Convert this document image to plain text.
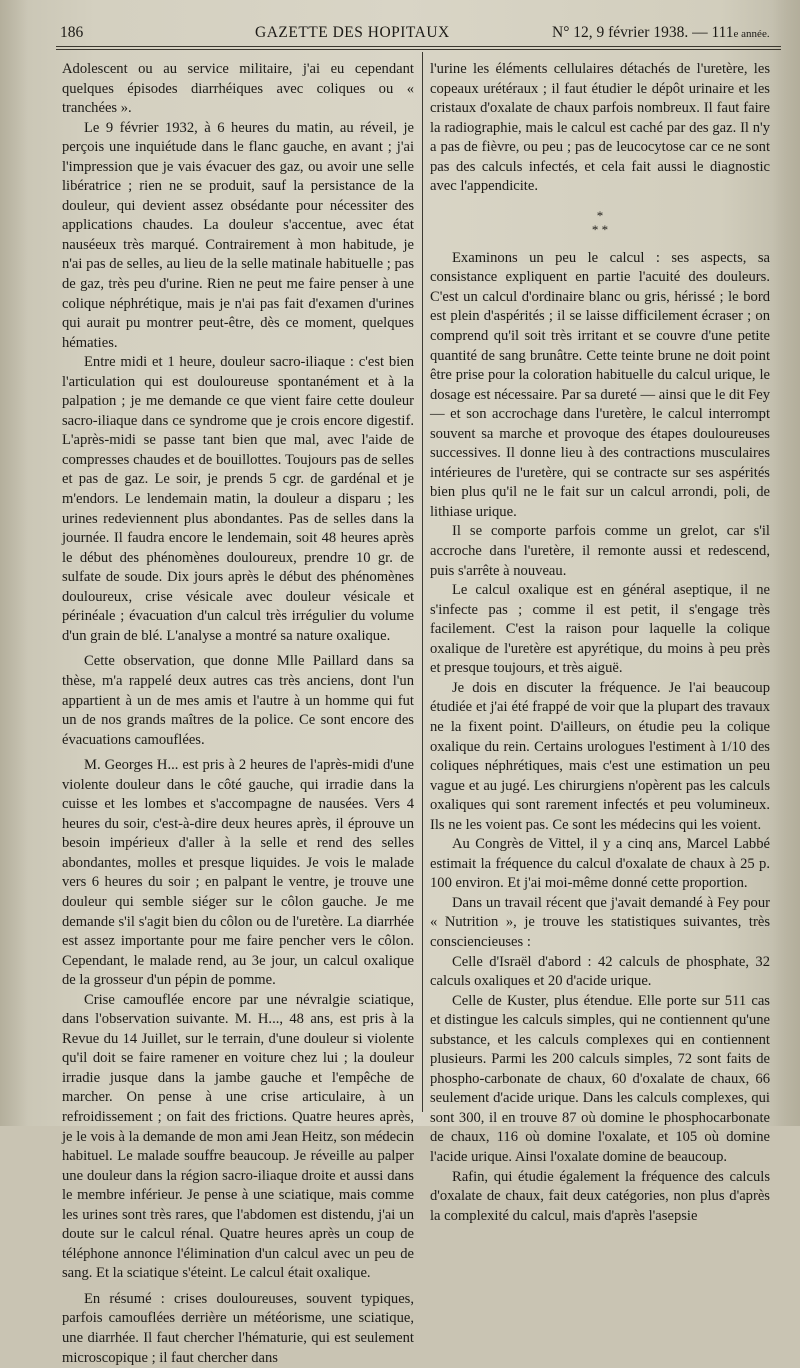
186	GAZETTE DES HOPITAUX	N° 12, 9 février 1938. — 111e année.

Adolescent ou au service militaire, j'ai eu cependant quelques épisodes diarrhéiques avec coliques ou « tranchées ».

Le 9 février 1932, à 6 heures du matin, au réveil, je perçois une inquiétude dans le flanc gauche, en avant ; j'ai l'impression que je vais évacuer des gaz, ou avoir une selle libératrice ; rien ne se produit, sauf la persistance de la douleur, qui devient assez obsédante pour nécessiter des applications chaudes. La douleur s'accentue, avec état nauséeux très marqué. Contrairement à mon habitude, je n'ai pas de selles, au lieu de la selle matinale habituelle ; pas de gaz, très peu d'urine. Rien ne peut me faire penser à une colique néphrétique, mais je n'ai pas fait d'examen d'urines qui aurait pu montrer peut-être, dès ce moment, quelques hématies.

Entre midi et 1 heure, douleur sacro-iliaque : c'est bien l'articulation qui est douloureuse spontanément et à la palpation ; je me demande ce que vient faire cette douleur sacro-iliaque dans ce syndrome que je crois encore digestif. L'après-midi se passe tant bien que mal, avec l'aide de compresses chaudes et de bouillottes. Toujours pas de selles et pas de gaz. Le soir, je prends 5 cgr. de gardénal et je m'endors. Le lendemain matin, la douleur a disparu ; les urines redeviennent plus abondantes. Pas de selles dans la journée. Il faudra encore le lendemain, soit 48 heures après le début des phénomènes douloureux, prendre 10 gr. de sulfate de soude. Dix jours après le début des phénomènes douloureux, crise vésicale avec douleur vésicale et périnéale ; évacuation d'un calcul très irrégulier du volume d'un grain de blé. L'analyse a montré sa nature oxalique.

Cette observation, que donne Mlle Paillard dans sa thèse, m'a rappelé deux autres cas très anciens, dont l'un appartient à un de mes amis et l'autre à un homme qui fut un de nos grands maîtres de la police. Ce sont encore des évacuations camouflées.

M. Georges H... est pris à 2 heures de l'après-midi d'une violente douleur dans le côté gauche, qui irradie dans la cuisse et les lombes et s'accompagne de nausées. Vers 4 heures du soir, c'est-à-dire deux heures après, il éprouve un besoin impérieux d'aller à la selle et rend des selles abondantes, molles et presque liquides. Je vois le malade vers 6 heures du soir ; en palpant le ventre, je trouve une douleur qui semble siéger sur le côlon gauche. Je me demande s'il s'agit bien du côlon ou de l'uretère. La diarrhée est assez importante pour me faire pencher vers le côlon. Cependant, le malade rend, au 3e jour, un calcul oxalique de la grosseur d'un pépin de pomme.

Crise camouflée encore par une névralgie sciatique, dans l'observation suivante. M. H..., 48 ans, est pris à la Revue du 14 Juillet, sur le terrain, d'une douleur si violente qu'il doit se faire ramener en voiture chez lui ; la douleur irradie jusque dans la jambe gauche et l'empêche de marcher. On pense à une crise articulaire, à un refroidissement ; on fait des frictions. Quatre heures après, je le vois à la demande de mon ami Jean Heitz, son médecin habituel. Le malade souffre beaucoup. Je réveille au palper une douleur dans la région sacro-iliaque droite et aussi dans le membre inférieur. Je pense à une sciatique, mais comme les urines sont très rares, que l'abdomen est distendu, j'ai un doute sur le calcul rénal. Quatre heures après un coup de téléphone annonce l'élimination d'un calcul avec un peu de sang. Et la sciatique s'éteint. Le calcul était oxalique.

En résumé : crises douloureuses, souvent typiques, parfois camouflées derrière un météorisme, une sciatique, une diarrhée. Il faut chercher l'hématurie, qui est seulement microscopique ; il faut chercher dans

l'urine les éléments cellulaires détachés de l'uretère, les copeaux urétéraux ; il faut étudier le dépôt urinaire et les cristaux d'oxalate de chaux parfois nombreux. Il faut faire la radiographie, mais le calcul est caché par des gaz. Il n'y a pas de fièvre, ou peu ; pas de leucocytose car ce ne sont pas des calculs infectés, et cela fait aussi le diagnostic avec l'appendicite.

*
* *

Examinons un peu le calcul : ses aspects, sa consistance expliquent en partie l'acuité des douleurs. C'est un calcul d'ordinaire blanc ou gris, hérissé ; le bord est plein d'aspérités ; il se laisse difficilement écraser ; on comprend qu'il soit très irritant et se couvre d'une petite quantité de sang brunâtre. Cette teinte brune ne doit point être prise pour la coloration habituelle du calcul urique, le dosage est nécessaire. Par sa dureté — ainsi que le dit Fey — et son accrochage dans l'uretère, le calcul interrompt souvent sa marche et provoque des étapes douloureuses successives. Il donne lieu à des contractions musculaires intérieures de l'uretère, qui se contracte sur ses aspérités bien plus qu'il ne le fait sur un calcul arrondi, poli, de lithiase urique.

Il se comporte parfois comme un grelot, car s'il accroche dans l'uretère, il remonte aussi et redescend, puis s'arrête à nouveau.

Le calcul oxalique est en général aseptique, il ne s'infecte pas ; comme il est petit, il s'engage très facilement. C'est la raison pour laquelle la colique oxalique de l'uretère est apyrétique, du moins à peu près et presque toujours, et très aiguë.

Je dois en discuter la fréquence. Je l'ai beaucoup étudiée et j'ai été frappé de voir que la plupart des travaux ne la fixent point. D'ailleurs, on étudie peu la colique oxalique du rein. Certains urologues l'estiment à 1/10 des coliques néphrétiques, mais c'est une estimation un peu vague et au jugé. Les chirurgiens n'opèrent pas les calculs oxaliques qui sont rarement infectés et peu volumineux. Ils ne les voient pas. Ce sont les médecins qui les voient.

Au Congrès de Vittel, il y a cinq ans, Marcel Labbé estimait la fréquence du calcul d'oxalate de chaux à 25 p. 100 environ. Et j'ai moi-même donné cette proportion.

Dans un travail récent que j'avait demandé à Fey pour « Nutrition », je trouve les statistiques suivantes, très consciencieuses :

Celle d'Israël d'abord : 42 calculs de phosphate, 32 calculs oxaliques et 20 d'acide urique.

Celle de Kuster, plus étendue. Elle porte sur 511 cas et distingue les calculs simples, qui ne contiennent qu'une substance, et les calculs complexes qui en contiennent plusieurs. Parmi les 200 calculs simples, 72 sont faits de phospho-carbonate de chaux, 60 d'oxalate de chaux, 66 seulement d'acide urique. Dans les calculs complexes, qui sont 300, il en trouve 87 où domine le phosphocarbonate de chaux, 116 où domine l'oxalate, et 105 où domine l'acide urique. Ainsi l'oxalate domine de beaucoup.

Rafin, qui étudie également la fréquence des calculs d'oxalate de chaux, fait deux catégories, non plus d'après la complexité du calcul, mais d'après l'asepsie
